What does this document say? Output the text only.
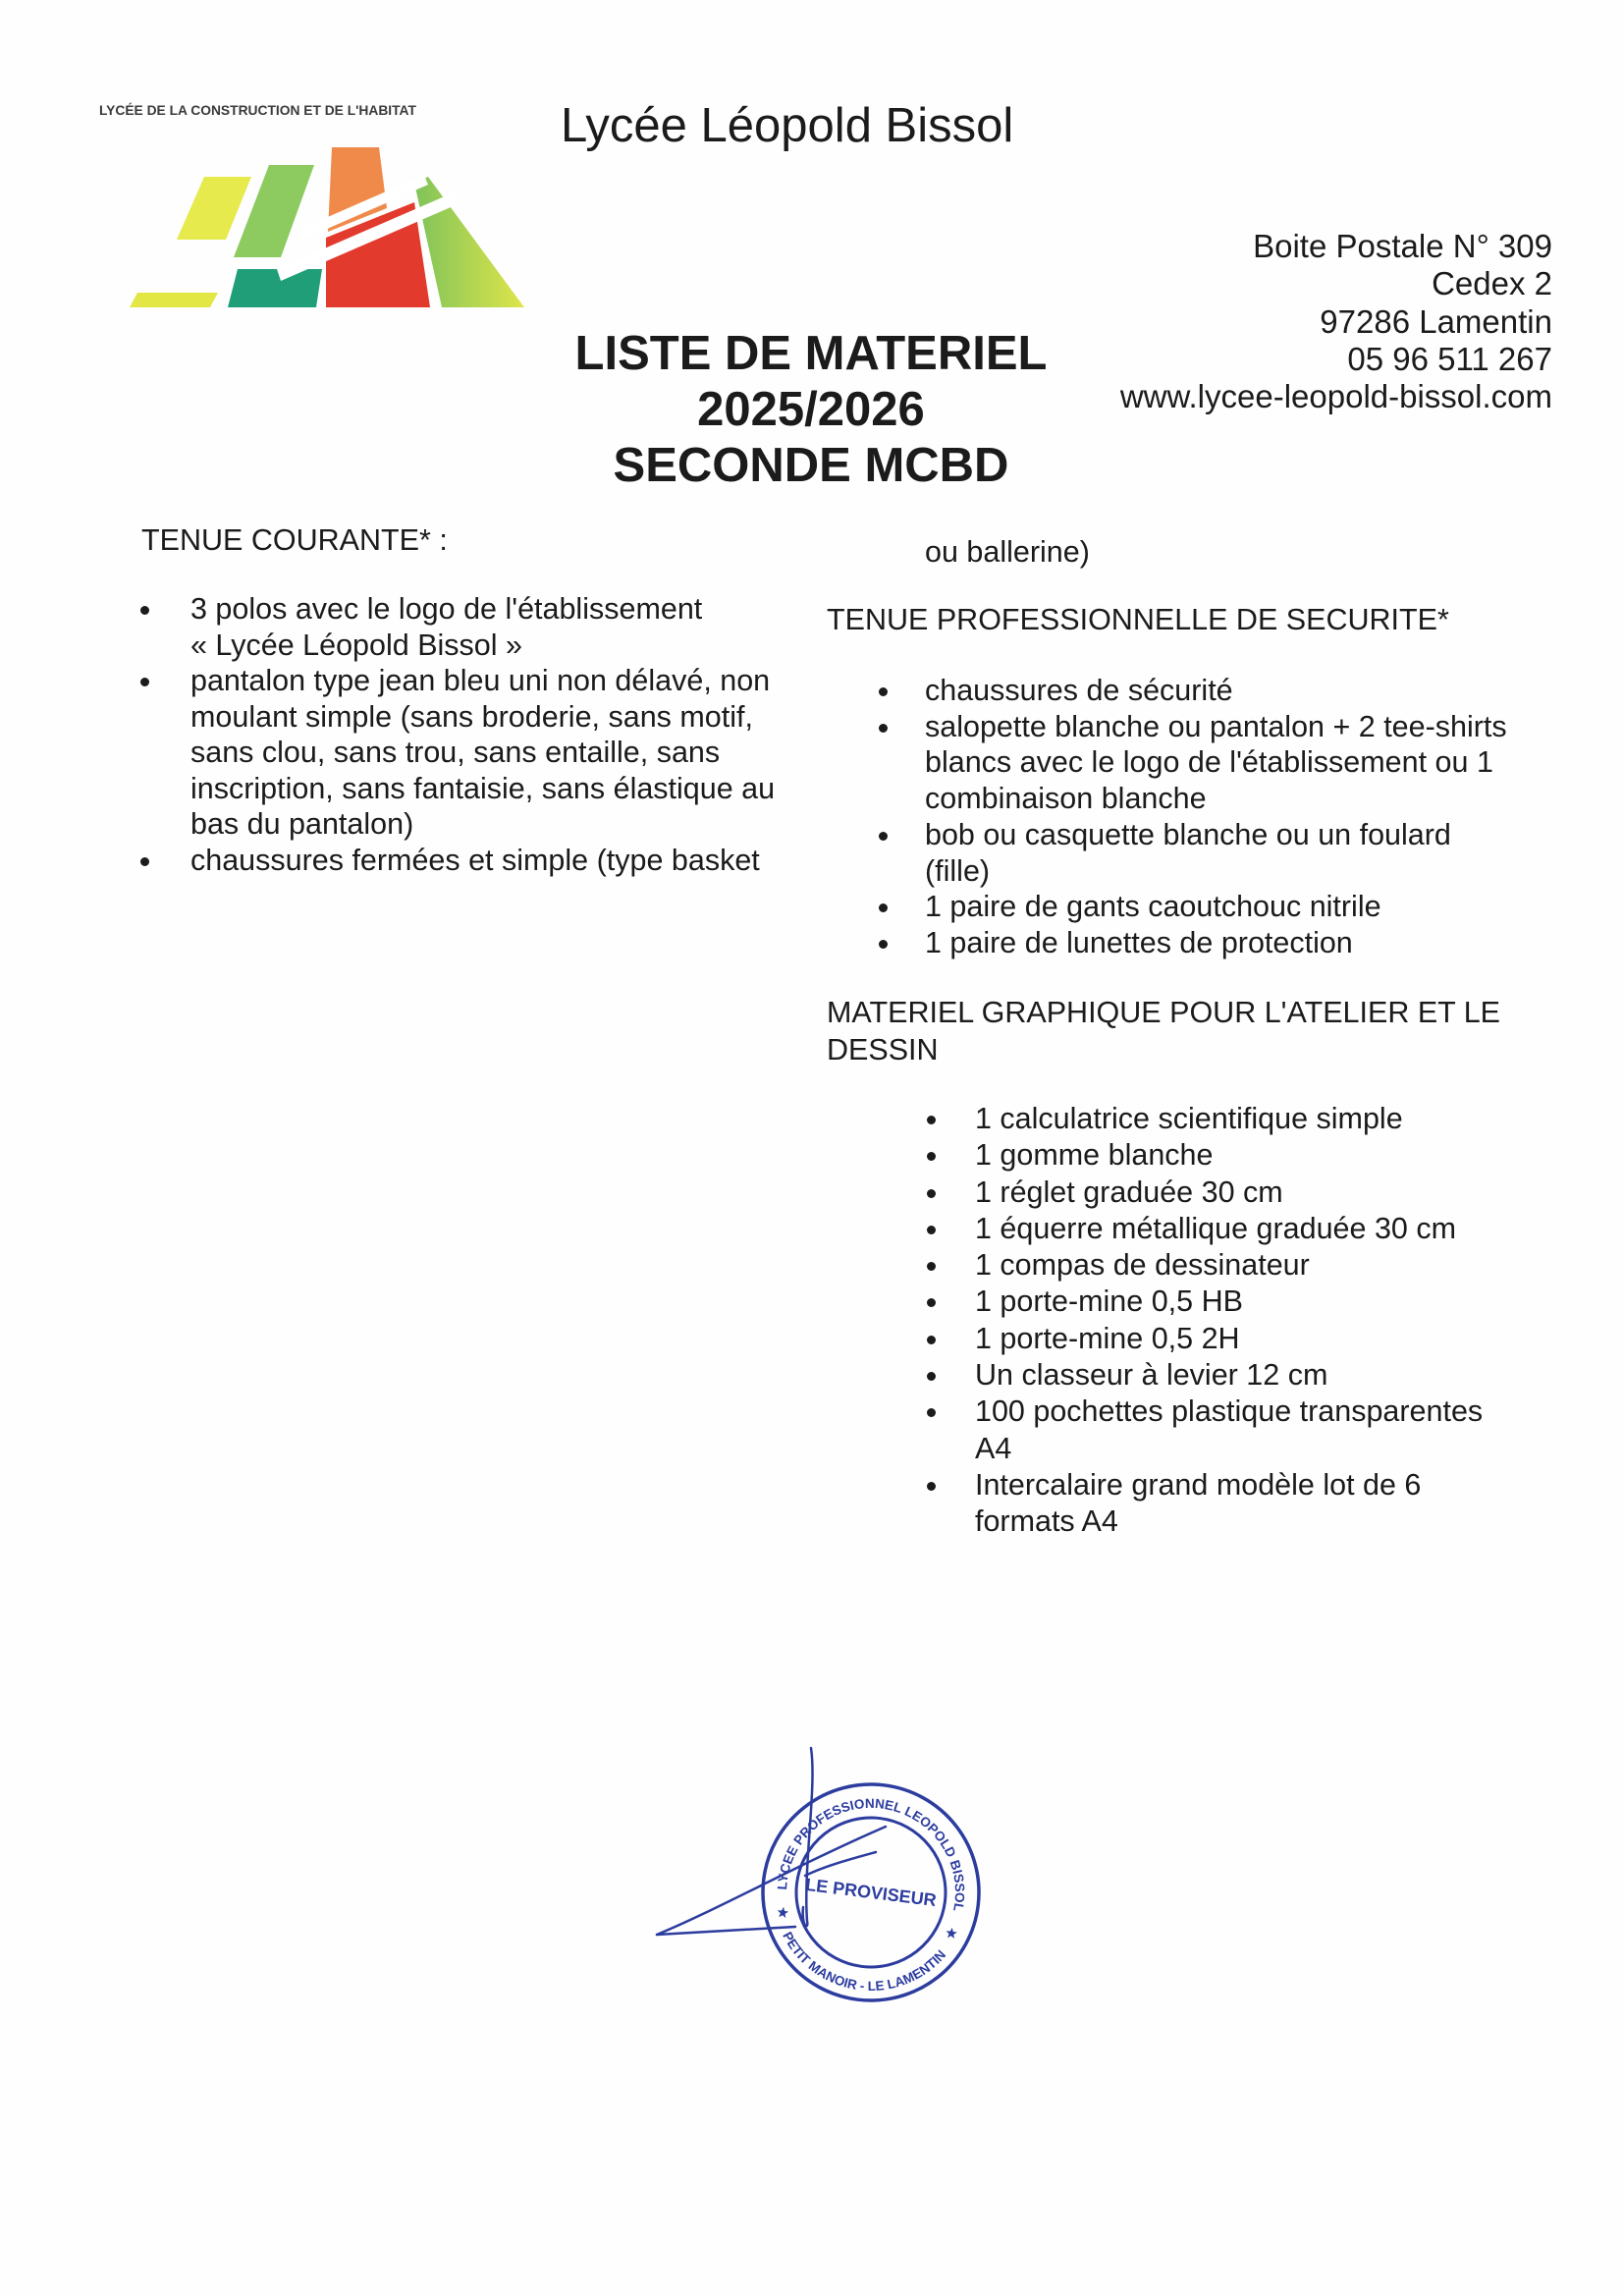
LYCÉE DE LA CONSTRUCTION ET DE L'HABITAT	Lycée Léopold Bissol
LISTE DE MATERIEL
2025/2026
SECONDE MCBD
Boite Postale N° 309
Cedex 2
97286 Lamentin
05 96 511 267
www.lycee-leopold-bissol.com
TENUE COURANTE* :
3 polos avec le logo de l'établissement
« Lycée Léopold Bissol »
pantalon type jean bleu uni non délavé, non
moulant simple (sans broderie, sans motif,
sans clou, sans trou, sans entaille, sans
inscription, sans fantaisie, sans élastique au
bas du pantalon)
chaussures fermées et simple (type basket
ou ballerine)
TENUE PROFESSIONNELLE DE SECURITE*
chaussures de sécurité
salopette blanche ou pantalon + 2 tee-shirts
blancs avec le logo de l'établissement ou 1
combinaison blanche
bob ou casquette blanche ou un foulard
(fille)
1 paire de gants caoutchouc nitrile
1 paire de lunettes de protection
MATERIEL GRAPHIQUE POUR L'ATELIER ET LE
DESSIN
1 calculatrice scientifique simple
1 gomme blanche
1 réglet graduée 30 cm
1 équerre métallique graduée 30 cm
1 compas de dessinateur
1 porte-mine 0,5 HB
1 porte-mine 0,5 2H
Un classeur à levier 12 cm
100 pochettes plastique transparentes
A4
Intercalaire grand modèle lot de 6
formats A4
LYCEE PROFESSIONNEL LEOPOLD BISSOL
PETIT MANOIR - LE LAMENTIN
LE PROVISEUR
